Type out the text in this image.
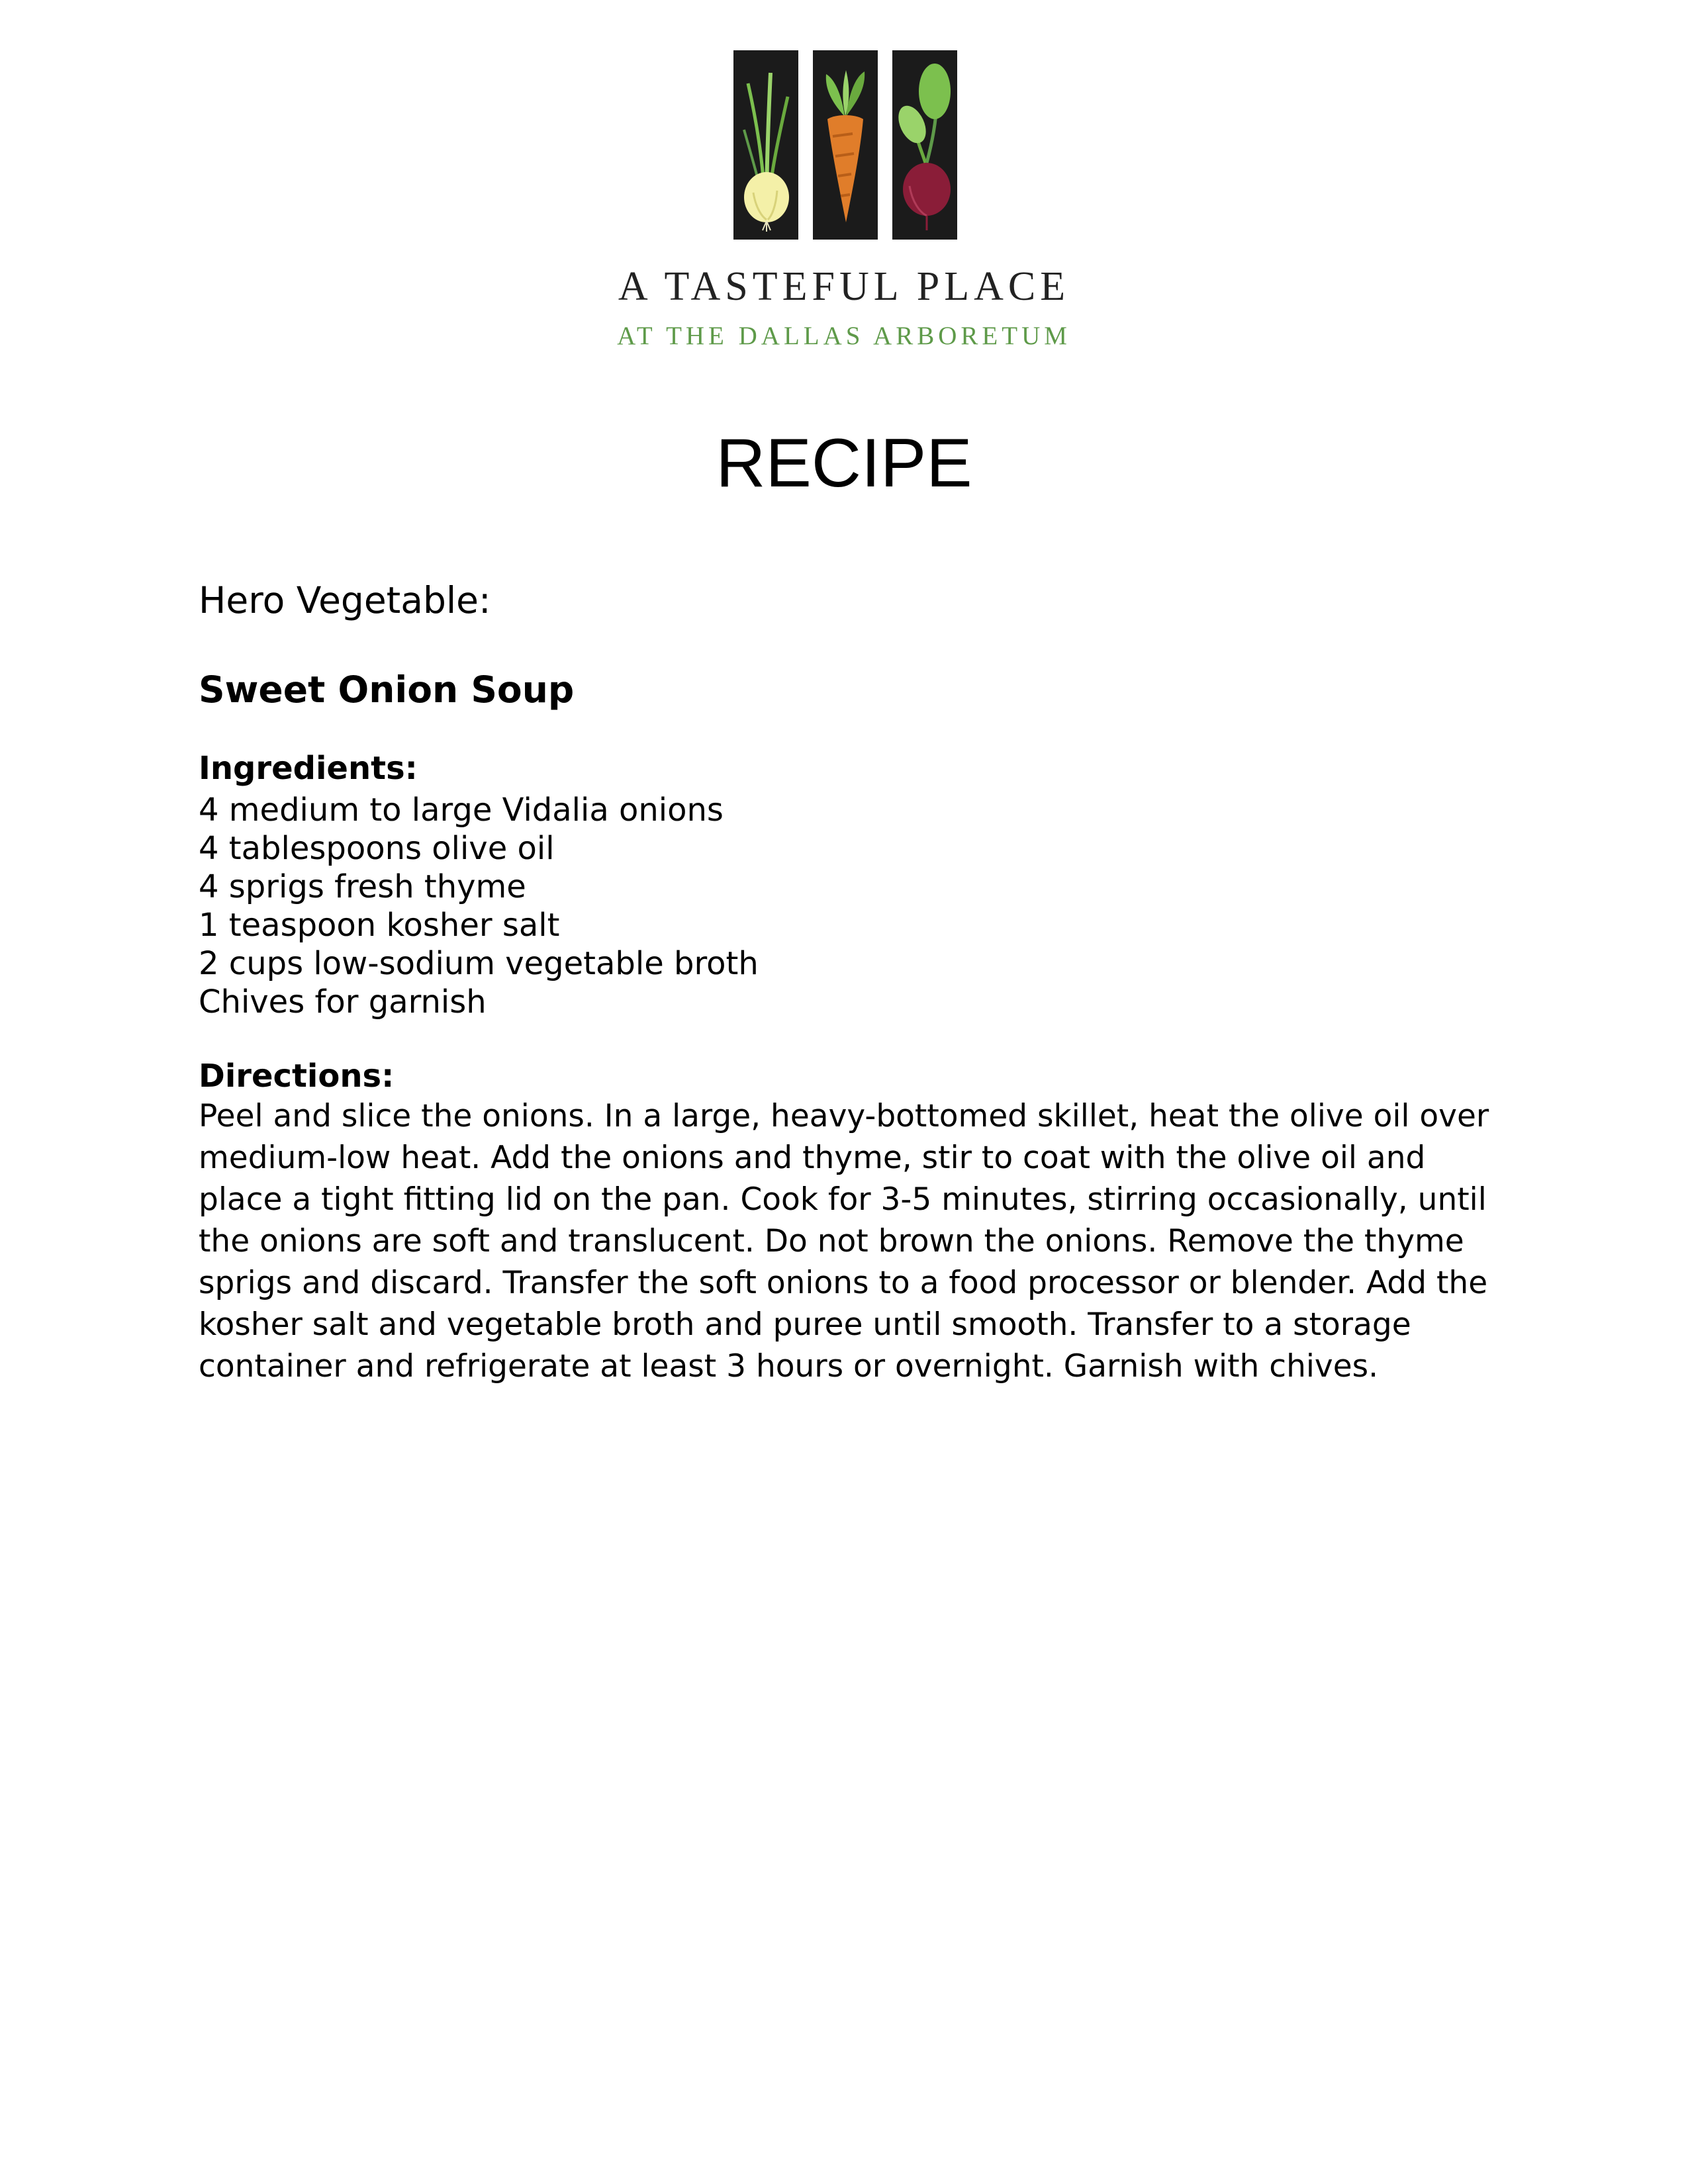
A TASTEFUL PLACE
AT THE DALLAS ARBORETUM
RECIPE
Hero Vegetable:
Sweet Onion Soup
Ingredients:
4 medium to large Vidalia onions
4 tablespoons olive oil
4 sprigs fresh thyme
1 teaspoon kosher salt
2 cups low-sodium vegetable broth
Chives for garnish
Directions:

Peel and slice the onions. In a large, heavy-bottomed skillet, heat the olive oil over medium-low heat. Add the onions and thyme, stir to coat with the olive oil and place a tight fitting lid on the pan. Cook for 3-5 minutes, stirring occasionally, until the onions are soft and translucent. Do not brown the onions. Remove the thyme sprigs and discard. Transfer the soft onions to a food processor or blender. Add the kosher salt and vegetable broth and puree until smooth. Transfer to a storage container and refrigerate at least 3 hours or overnight. Garnish with chives.
